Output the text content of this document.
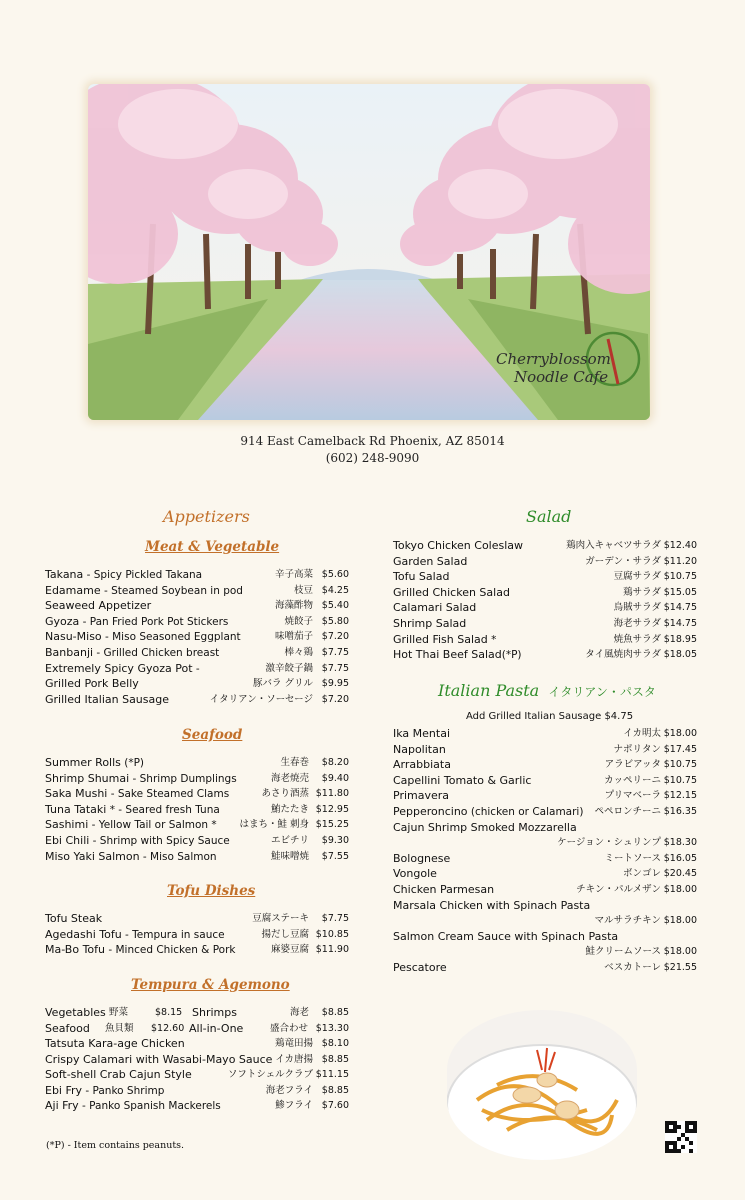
Cherryblossom
Noodle Cafe
914 East Camelback Rd Phoenix, AZ 85014
(602) 248-9090
Appetizers
Meat & Vegetable
Takana - Spicy Pickled Takana	辛子高菜 $5.60
Edamame - Steamed Soybean in pod	枝豆 $4.25
Seaweed Appetizer	海藻酢物 $5.40
Gyoza - Pan Fried Pork Pot Stickers	焼餃子 $5.80
Nasu-Miso - Miso Seasoned Eggplant	味噌茄子 $7.20
Banbanji - Grilled Chicken breast	棒々鶏 $7.75
Extremely Spicy Gyoza Pot -	激辛餃子鍋 $7.75
Grilled Pork Belly	豚バラ グリル $9.95
Grilled Italian Sausage	イタリアン・ソーセージ $7.20
Seafood
Summer Rolls (*P)	生春巻 $8.20
Shrimp Shumai - Shrimp Dumplings	海老焼売 $9.40
Saka Mushi - Sake Steamed Clams	あさり酒蒸 $11.80
Tuna Tataki * - Seared fresh Tuna	鮪たたき $12.95
Sashimi - Yellow Tail or Salmon * はまち・鮭 刺身 $15.25
Ebi Chili - Shrimp with Spicy Sauce	エビチリ $9.30
Miso Yaki Salmon - Miso Salmon	鮭味噌焼 $7.55
Tofu Dishes
Tofu Steak	豆腐ステーキ $7.75
Agedashi Tofu - Tempura in sauce	揚だし豆腐 $10.85
Ma-Bo Tofu - Minced Chicken & Pork	麻婆豆腐 $11.90
Tempura & Agemono
Vegetables 野菜	$8.15 Shrimps	海老 $8.85
Seafood 魚貝類 $12.60 All-in-One	盛合わせ $13.30
Tatsuta Kara-age Chicken	鶏竜田揚 $8.10
Crispy Calamari with Wasabi-Mayo Sauce イカ唐揚 $8.85
Soft-shell Crab Cajun Style	ソフトシェルクラブ $11.15
Ebi Fry - Panko Shrimp	海老フライ $8.85
Aji Fry - Panko Spanish Mackerels	鯵フライ $7.60
(*P) - Item contains peanuts.
Salad
Tokyo Chicken Coleslaw	鶏肉入キャベツサラダ $12.40
Garden Salad	ガーデン・サラダ $11.20
Tofu Salad	豆腐サラダ $10.75
Grilled Chicken Salad	鶏サラダ $15.05
Calamari Salad	烏賊サラダ $14.75
Shrimp Salad	海老サラダ $14.75
Grilled Fish Salad *	焼魚サラダ $18.95
Hot Thai Beef Salad(*P)	タイ風焼肉サラダ $18.05
Italian Pasta イタリアン・パスタ
Add Grilled Italian Sausage $4.75
Ika Mentai	イカ明太 $18.00
Napolitan	ナポリタン $17.45
Arrabbiata	アラビアッタ $10.75
Capellini Tomato & Garlic	カッペリーニ $10.75
Primavera	プリマベーラ $12.15
Pepperoncino (chicken or Calamari) ペペロンチーニ $16.35
Cajun Shrimp Smoked Mozzarella
ケージョン・シュリンプ $18.30
Bolognese	ミートソース $16.05
Vongole	ボンゴレ $20.45
Chicken Parmesan	チキン・パルメザン $18.00
Marsala Chicken with Spinach Pasta
マルサラチキン $18.00
Salmon Cream Sauce with Spinach Pasta
鮭クリームソース $18.00
Pescatore	ベスカトーレ $21.55
